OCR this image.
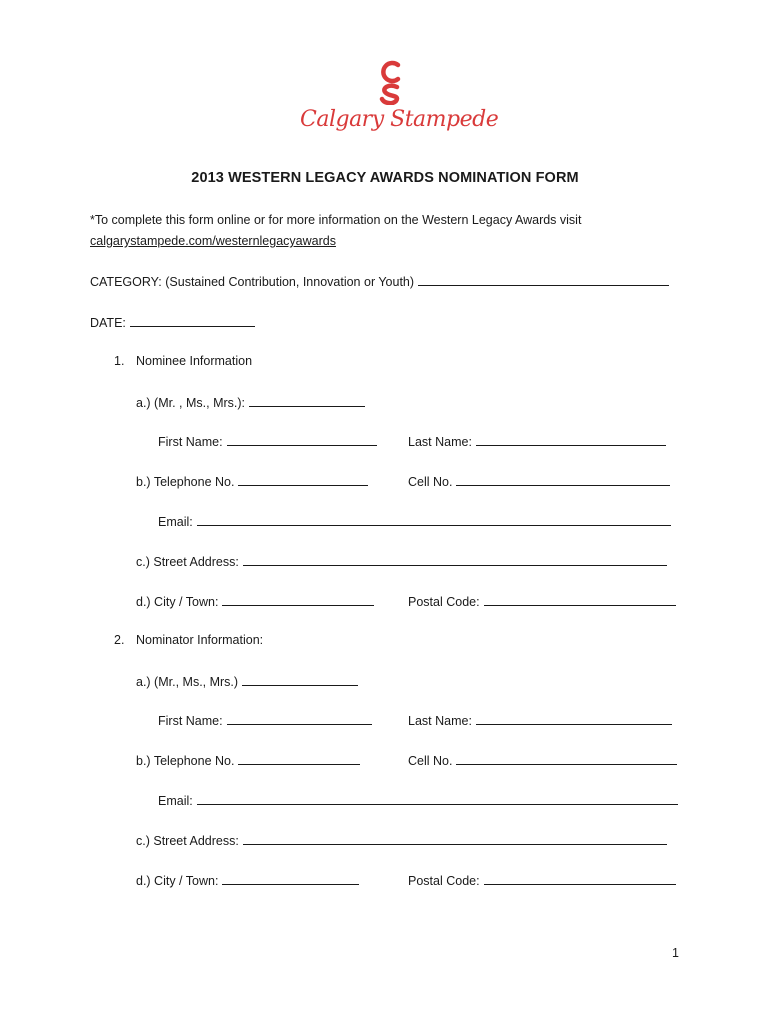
Calgary Stampede
2013 WESTERN LEGACY AWARDS NOMINATION FORM
*To complete this form online or for more information on the Western Legacy Awards visit
calgarystampede.com/westernlegacyawards
CATEGORY: (Sustained Contribution, Innovation or Youth)
DATE:
1. Nominee Information
a.) (Mr. , Ms., Mrs.):
First Name:	Last Name:
b.) Telephone No.	Cell No.
Email:
c.) Street Address:
d.) City / Town:	Postal Code:
2. Nominator Information:
a.) (Mr., Ms., Mrs.)
First Name:	Last Name:
b.) Telephone No.	Cell No.
Email:
c.) Street Address:
d.) City / Town:	Postal Code:
1
